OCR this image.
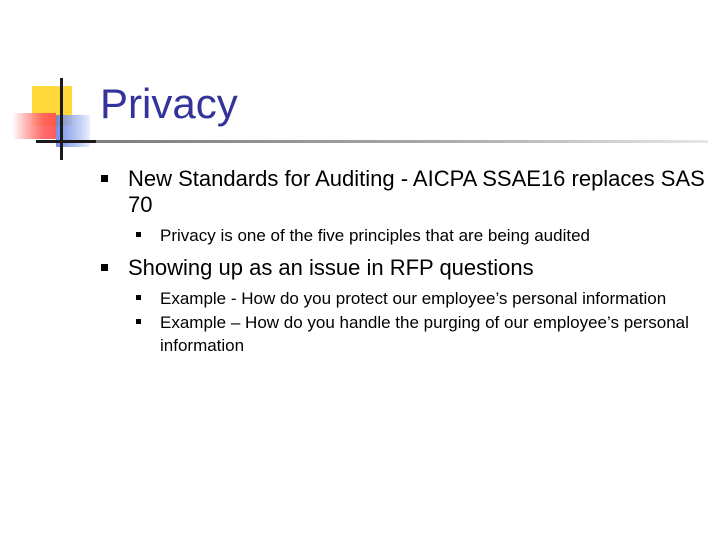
Privacy
New Standards for Auditing - AICPA SSAE16 replaces SAS 70
Privacy is one of the five principles that are being audited
Showing up as an issue in RFP questions
Example - How do you protect our employee’s personal information
Example – How do you handle the purging of our employee’s personal information
